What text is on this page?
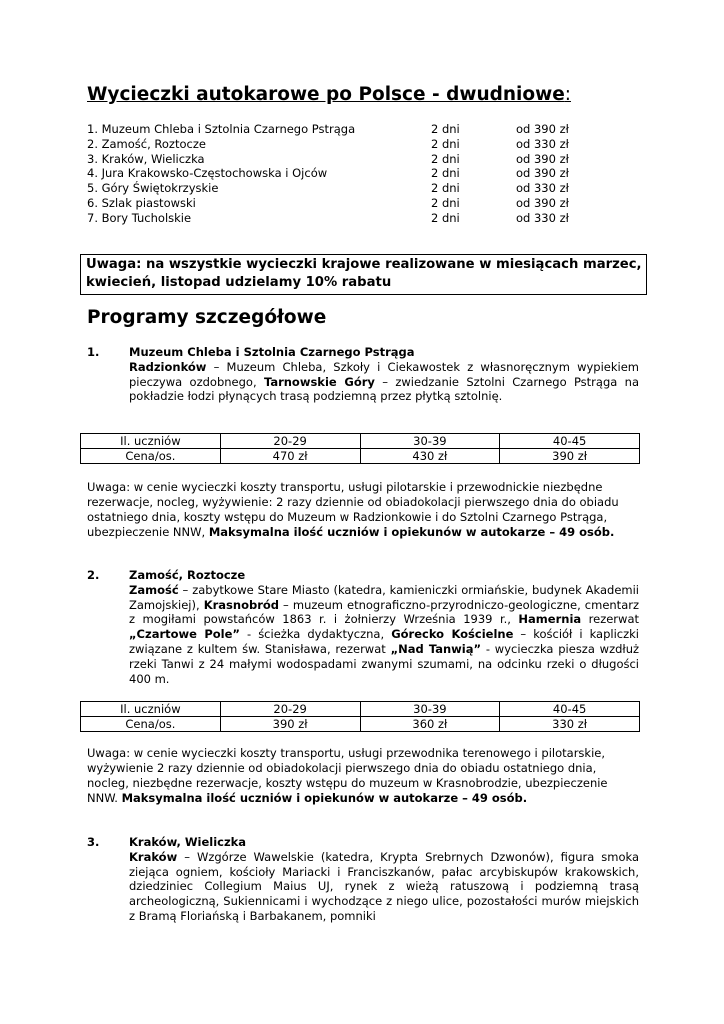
Wycieczki autokarowe po Polsce - dwudniowe:
1. Muzeum Chleba i Sztolnia Czarnego Pstrąga	2 dni	od 390 zł
2. Zamość, Roztocze	2 dni	od 330 zł
3. Kraków, Wieliczka	2 dni	od 390 zł
4. Jura Krakowsko-Częstochowska i Ojców	2 dni	od 390 zł
5. Góry Świętokrzyskie	2 dni	od 330 zł
6. Szlak piastowski	2 dni	od 390 zł
7. Bory Tucholskie	2 dni	od 330 zł
Uwaga: na wszystkie wycieczki krajowe realizowane w miesiącach marzec, kwiecień, listopad udzielamy 10% rabatu
Programy szczegółowe
1.	Muzeum Chleba i Sztolnia Czarnego Pstrąga
Radzionków – Muzeum Chleba, Szkoły i Ciekawostek z własnoręcznym wypiekiem pieczywa ozdobnego, Tarnowskie Góry – zwiedzanie Sztolni Czarnego Pstrąga na pokładzie łodzi płynących trasą podziemną przez płytką sztolnię.
Il. uczniów	20-29	30-39	40-45
Cena/os.	470 zł	430 zł	390 zł
Uwaga: w cenie wycieczki koszty transportu, usługi pilotarskie i przewodnickie niezbędne rezerwacje, nocleg, wyżywienie: 2 razy dziennie od obiadokolacji pierwszego dnia do obiadu ostatniego dnia, koszty wstępu do Muzeum w Radzionkowie i do Sztolni Czarnego Pstrąga, ubezpieczenie NNW, Maksymalna ilość uczniów i opiekunów w autokarze – 49 osób.
2.	Zamość, Roztocze
Zamość – zabytkowe Stare Miasto (katedra, kamieniczki ormiańskie, budynek Akademii Zamojskiej), Krasnobród – muzeum etnograficzno-przyrodniczo-geologiczne, cmentarz z mogiłami powstańców 1863 r. i żołnierzy Września 1939 r., Hamernia rezerwat „Czartowe Pole” - ścieżka dydaktyczna, Górecko Kościelne – kościół i kapliczki związane z kultem św. Stanisława, rezerwat „Nad Tanwią” - wycieczka piesza wzdłuż rzeki Tanwi z 24 małymi wodospadami zwanymi szumami, na odcinku rzeki o długości 400 m.
Il. uczniów	20-29	30-39	40-45
Cena/os.	390 zł	360 zł	330 zł
Uwaga: w cenie wycieczki koszty transportu, usługi przewodnika terenowego i pilotarskie, wyżywienie 2 razy dziennie od obiadokolacji pierwszego dnia do obiadu ostatniego dnia, nocleg, niezbędne rezerwacje, koszty wstępu do muzeum w Krasnobrodzie, ubezpieczenie NNW. Maksymalna ilość uczniów i opiekunów w autokarze – 49 osób.
3.	Kraków, Wieliczka
Kraków – Wzgórze Wawelskie (katedra, Krypta Srebrnych Dzwonów), figura smoka ziejąca ogniem, kościoły Mariacki i Franciszkanów, pałac arcybiskupów krakowskich, dziedziniec Collegium Maius UJ, rynek z wieżą ratuszową i podziemną trasą archeologiczną, Sukiennicami i wychodzące z niego ulice, pozostałości murów miejskich z Bramą Floriańską i Barbakanem, pomniki
